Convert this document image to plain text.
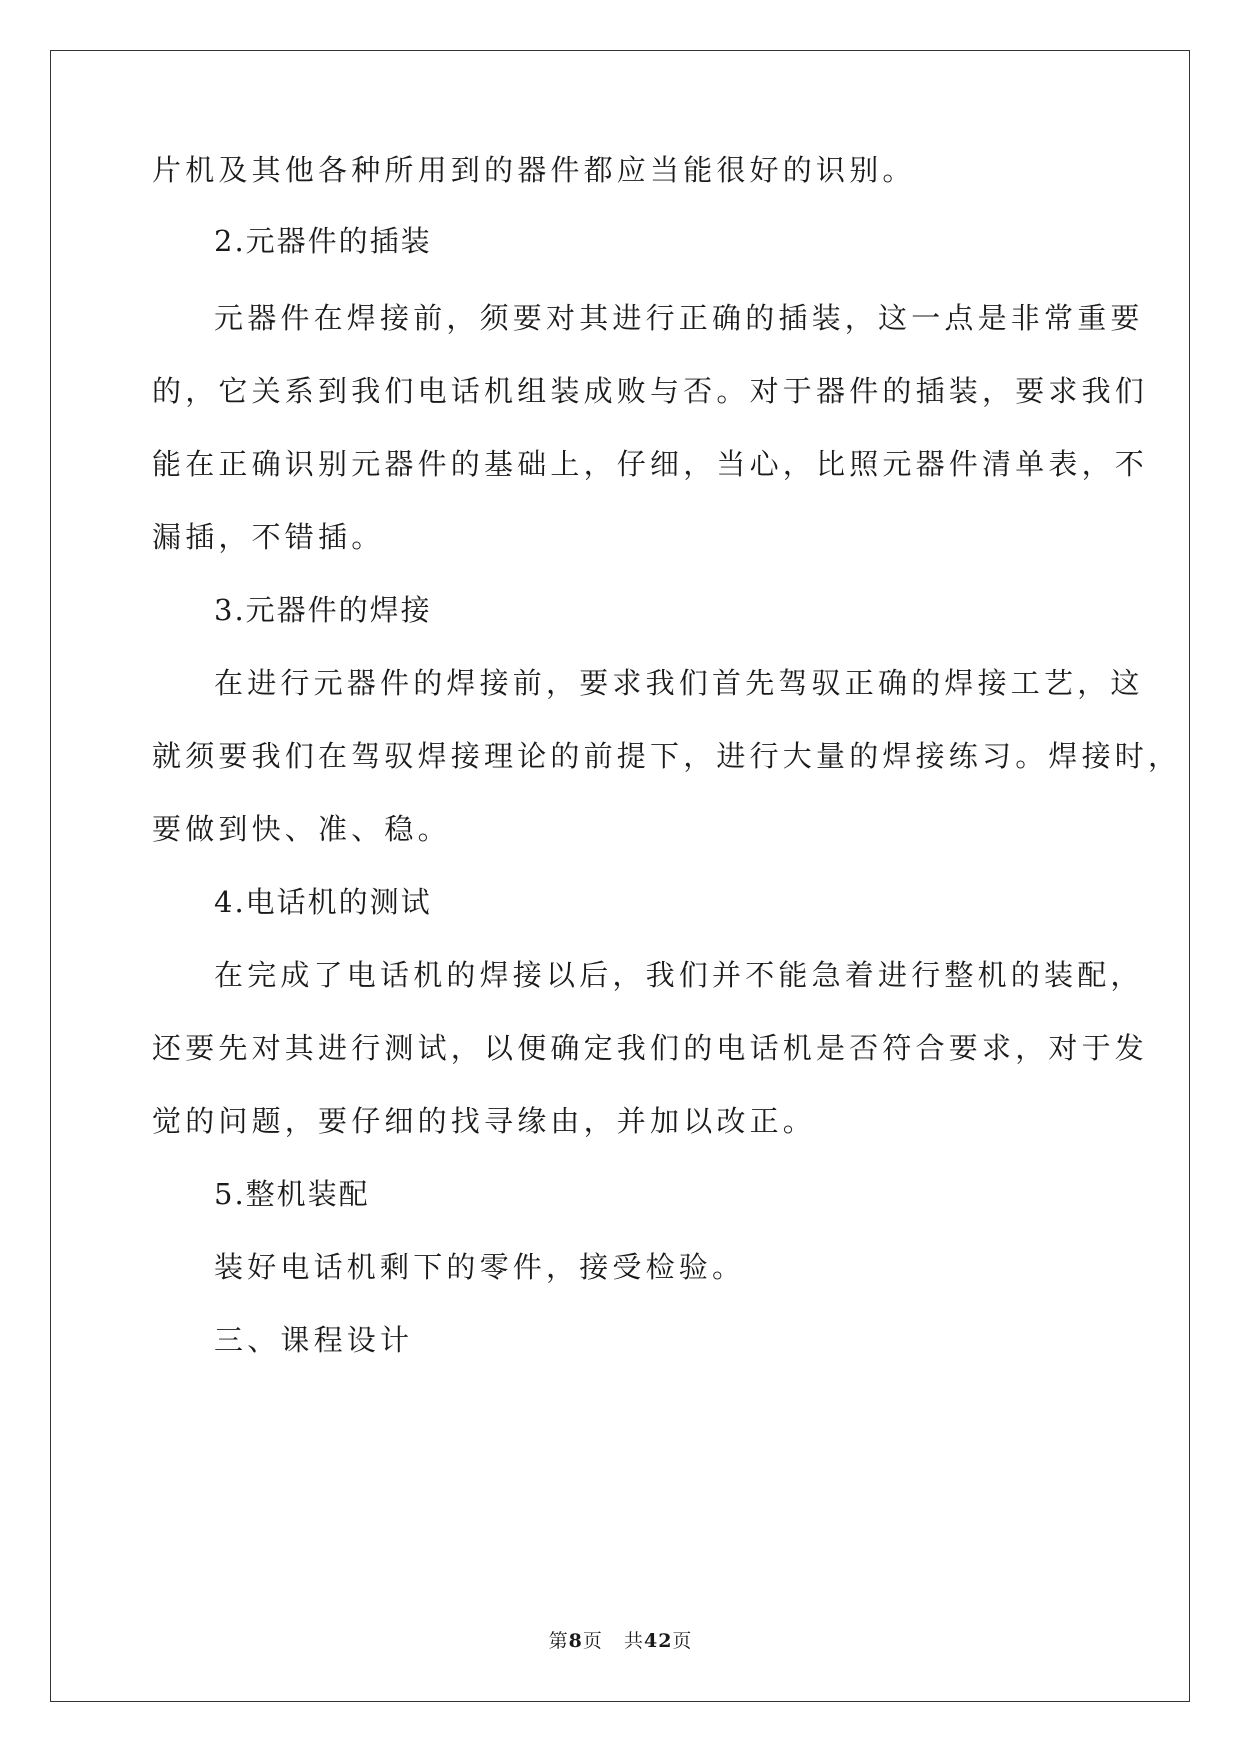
片机及其他各种所用到的器件都应当能很好的识别。
2.元器件的插装
元器件在焊接前，须要对其进行正确的插装，这一点是非常重要
的，它关系到我们电话机组装成败与否。对于器件的插装，要求我们
能在正确识别元器件的基础上，仔细，当心，比照元器件清单表，不
漏插，不错插。
3.元器件的焊接
在进行元器件的焊接前，要求我们首先驾驭正确的焊接工艺，这
就须要我们在驾驭焊接理论的前提下，进行大量的焊接练习。焊接时，
要做到快、准、稳。
4.电话机的测试
在完成了电话机的焊接以后，我们并不能急着进行整机的装配，
还要先对其进行测试，以便确定我们的电话机是否符合要求，对于发
觉的问题，要仔细的找寻缘由，并加以改正。
5.整机装配
装好电话机剩下的零件，接受检验。
三、课程设计
第8页 共42页
